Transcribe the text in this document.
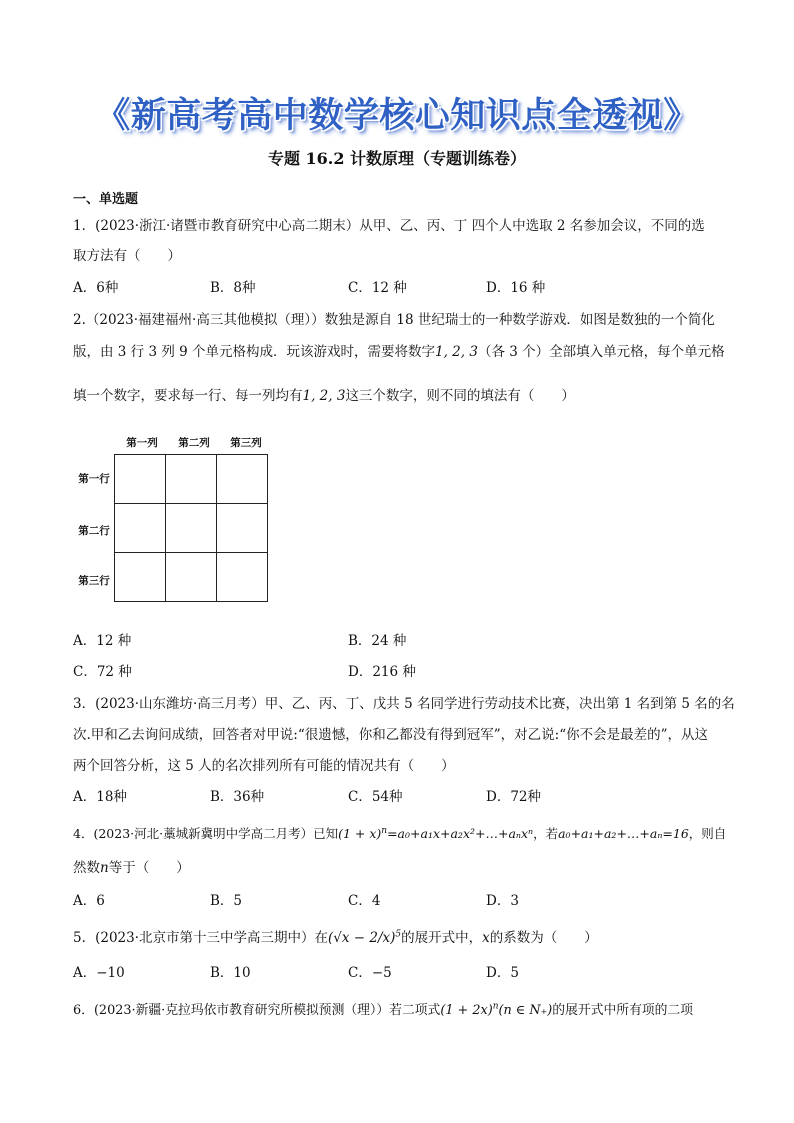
《新高考高中数学核心知识点全透视》
专题 16.2 计数原理（专题训练卷）
一、单选题
1．(2023·浙江·诸暨市教育研究中心高二期末）从甲、乙、丙、丁 四个人中选取 2 名参加会议，不同的选
取方法有（　　）
A．6种	B．8种	C．12 种	D．16 种
2.（2023·福建福州·高三其他模拟（理））数独是源自 18 世纪瑞士的一种数学游戏．如图是数独的一个简化
版，由 3 行 3 列 9 个单元格构成．玩该游戏时，需要将数字1, 2, 3（各 3 个）全部填入单元格，每个单元格
填一个数字，要求每一行、每一列均有1, 2, 3这三个数字，则不同的填法有（　　）
第一列	第二列	第三列
第一行
第二行
第三行

A．12 种	B．24 种
C．72 种	D．216 种
3．(2023·山东潍坊·高三月考）甲、乙、丙、丁、戊共 5 名同学进行劳动技术比赛，决出第 1 名到第 5 名的名
次.甲和乙去询问成绩，回答者对甲说:“很遗憾，你和乙都没有得到冠军”，对乙说:“你不会是最差的”，从这
两个回答分析，这 5 人的名次排列所有可能的情况共有（　　）
A．18种	B．36种	C．54种	D．72种
4．(2023·河北·藁城新冀明中学高二月考）已知$(1 + x)^n=a_0+a_1x+a_2x^2+\dots+a_nx^n$，若a₀+a₁+a₂+…+aₙ=16，则自
然数n等于（　　）
A．6	B．5	C．4	D．3
5．(2023·北京市第十三中学高三期中）在$(√x - 2/x)^5$的展开式中，x的系数为（　　）
A．−10	B．10	C．−5	D．5
6．(2023·新疆·克拉玛依市教育研究所模拟预测（理））若二项式$(1 + 2x)^n(n$ ∈ N₊)的展开式中所有项的二项
